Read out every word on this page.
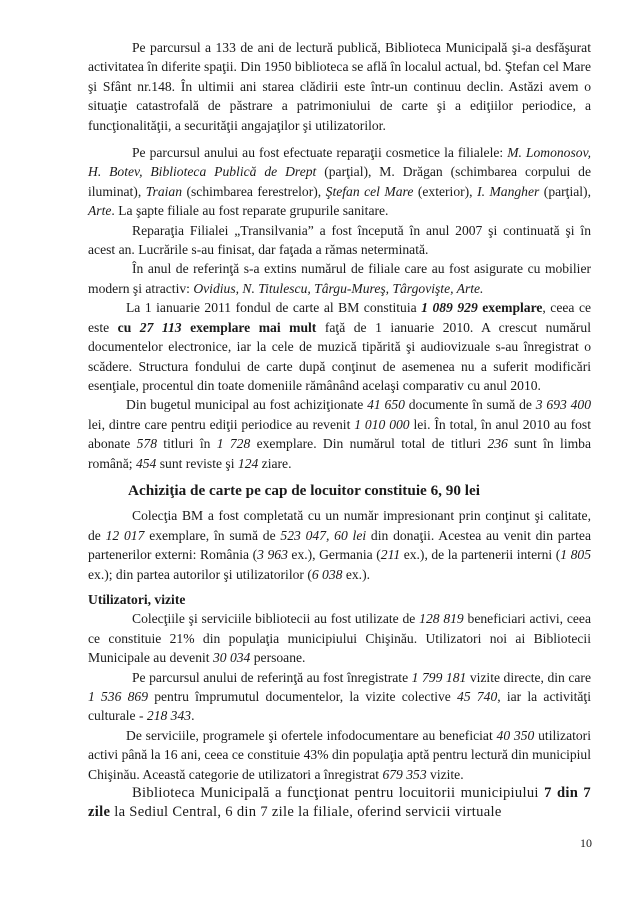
Pe parcursul a 133 de ani de lectură publică, Biblioteca Municipală şi-a desfăşurat activitatea în diferite spaţii. Din 1950 biblioteca se află în localul actual, bd. Ştefan cel Mare şi Sfânt nr.148. În ultimii ani starea clădirii este într-un continuu declin. Astăzi avem o situaţie catastrofală de păstrare a patrimoniului de carte şi a ediţiilor periodice, a funcţionalităţii, a securităţii angajaţilor şi utilizatorilor.

Pe parcursul anului au fost efectuate reparaţii cosmetice la filialele: M. Lomonosov, H. Botev, Biblioteca Publică de Drept (parţial), M. Drăgan (schimbarea corpului de iluminat), Traian (schimbarea ferestrelor), Ştefan cel Mare (exterior), I. Mangher (parţial), Arte. La şapte filiale au fost reparate grupurile sanitare.

Reparaţia Filialei „Transilvania” a fost începută în anul 2007 şi continuată şi în acest an. Lucrările s-au finisat, dar faţada a rămas neterminată.

În anul de referinţă s-a extins numărul de filiale care au fost asigurate cu mobilier modern şi atractiv: Ovidius, N. Titulescu, Târgu-Mureş, Târgovişte, Arte.

La 1 ianuarie 2011 fondul de carte al BM constituia 1 089 929 exemplare, ceea ce este cu 27 113 exemplare mai mult faţă de 1 ianuarie 2010. A crescut numărul documentelor electronice, iar la cele de muzică tipărită şi audiovizuale s-au înregistrat o scădere. Structura fondului de carte după conţinut de asemenea nu a suferit modificări esenţiale, procentul din toate domeniile rămânând acelaşi comparativ cu anul 2010.

Din bugetul municipal au fost achiziţionate 41 650 documente în sumă de 3 693 400 lei, dintre care pentru ediţii periodice au revenit 1 010 000 lei. În total, în anul 2010 au fost abonate 578 titluri în 1 728 exemplare. Din numărul total de titluri 236 sunt în limba română; 454 sunt reviste şi 124 ziare.

Achiziţia de carte pe cap de locuitor constituie 6, 90 lei

Colecţia BM a fost completată cu un număr impresionant prin conţinut şi calitate, de 12 017 exemplare, în sumă de 523 047, 60 lei din donaţii. Acestea au venit din partea partenerilor externi: România (3 963 ex.), Germania (211 ex.), de la partenerii interni (1 805 ex.); din partea autorilor şi utilizatorilor (6 038 ex.).

Utilizatori, vizite

Colecţiile şi serviciile bibliotecii au fost utilizate de 128 819 beneficiari activi, ceea ce constituie 21% din populaţia municipiului Chişinău. Utilizatori noi ai Bibliotecii Municipale au devenit 30 034 persoane.

Pe parcursul anului de referinţă au fost înregistrate 1 799 181 vizite directe, din care 1 536 869 pentru împrumutul documentelor, la vizite colective 45 740, iar la activităţi culturale - 218 343.

De serviciile, programele şi ofertele infodocumentare au beneficiat 40 350 utilizatori activi până la 16 ani, ceea ce constituie 43% din populaţia aptă pentru lectură din municipiul Chişinău. Această categorie de utilizatori a înregistrat 679 353 vizite.

Biblioteca Municipală a funcţionat pentru locuitorii municipiului 7 din 7 zile la Sediul Central, 6 din 7 zile la filiale, oferind servicii virtuale

10
